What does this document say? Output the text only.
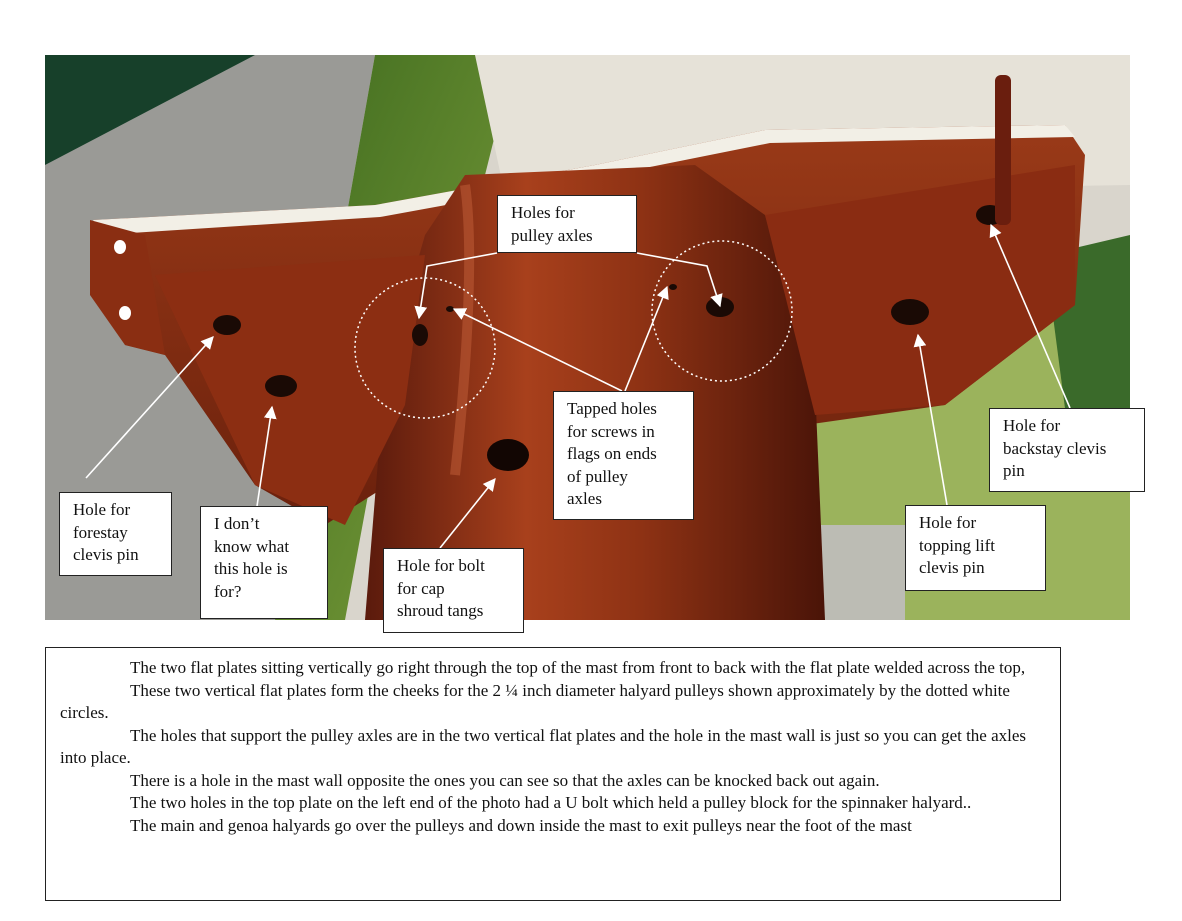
Holes for
pulley axles
Tapped holes
for screws in
flags on ends
of pulley
axles
Hole for
forestay
clevis pin
I don’t
know what
this hole is
for?
Hole for bolt
for cap
shroud tangs
Hole for
topping lift
clevis pin
Hole for
backstay clevis
pin

The two flat plates sitting vertically go right through the top of the mast from front to back with the flat plate welded across the top,

These two vertical flat plates form the cheeks for the 2 ¼ inch diameter halyard pulleys shown approximately by the dotted white circles.

The holes that support the pulley axles are in the two vertical flat plates and the hole in the mast wall is just so you can get the axles into place.

There is a hole in the mast wall opposite the ones you can see so that the axles can be knocked back out again.

The two holes in the top plate on the left end of the photo had a U bolt which held a pulley block for the spinnaker halyard..

The main and genoa halyards go over the pulleys and down inside the mast to exit pulleys near the foot of the mast
